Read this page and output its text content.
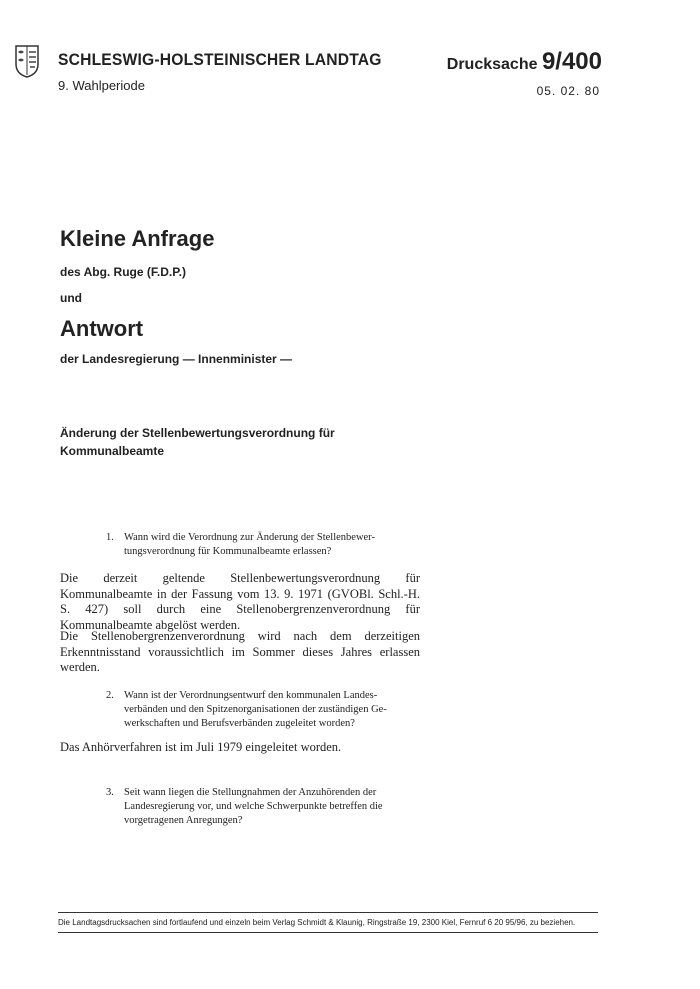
SCHLESWIG-HOLSTEINISCHER LANDTAG
9. Wahlperiode
Drucksache 9/400
05. 02. 80
Kleine Anfrage
des Abg. Ruge (F.D.P.)
und
Antwort
der Landesregierung — Innenminister —
Änderung der Stellenbewertungsverordnung für Kommunalbeamte
1. Wann wird die Verordnung zur Änderung der Stellenbewer-
tungsverordnung für Kommunalbeamte erlassen?
Die derzeit geltende Stellenbewertungsverordnung für Kommunalbeamte in der Fassung vom 13. 9. 1971 (GVOBl. Schl.-H. S. 427) soll durch eine Stellenobergrenzenverordnung für Kommunalbeamte abgelöst werden.
Die Stellenobergrenzenverordnung wird nach dem derzeitigen Erkenntnisstand voraussichtlich im Sommer dieses Jahres erlassen werden.
2. Wann ist der Verordnungsentwurf den kommunalen Landes-
verbänden und den Spitzenorganisationen der zuständigen Ge-
werkschaften und Berufsverbänden zugeleitet worden?
Das Anhörverfahren ist im Juli 1979 eingeleitet worden.
3. Seit wann liegen die Stellungnahmen der Anzuhörenden der
Landesregierung vor, und welche Schwerpunkte betreffen die
vorgetragenen Anregungen?
Die Landtagsdrucksachen sind fortlaufend und einzeln beim Verlag Schmidt & Klaunig, Ringstraße 19, 2300 Kiel, Fernruf 6 20 95/96, zu beziehen.
